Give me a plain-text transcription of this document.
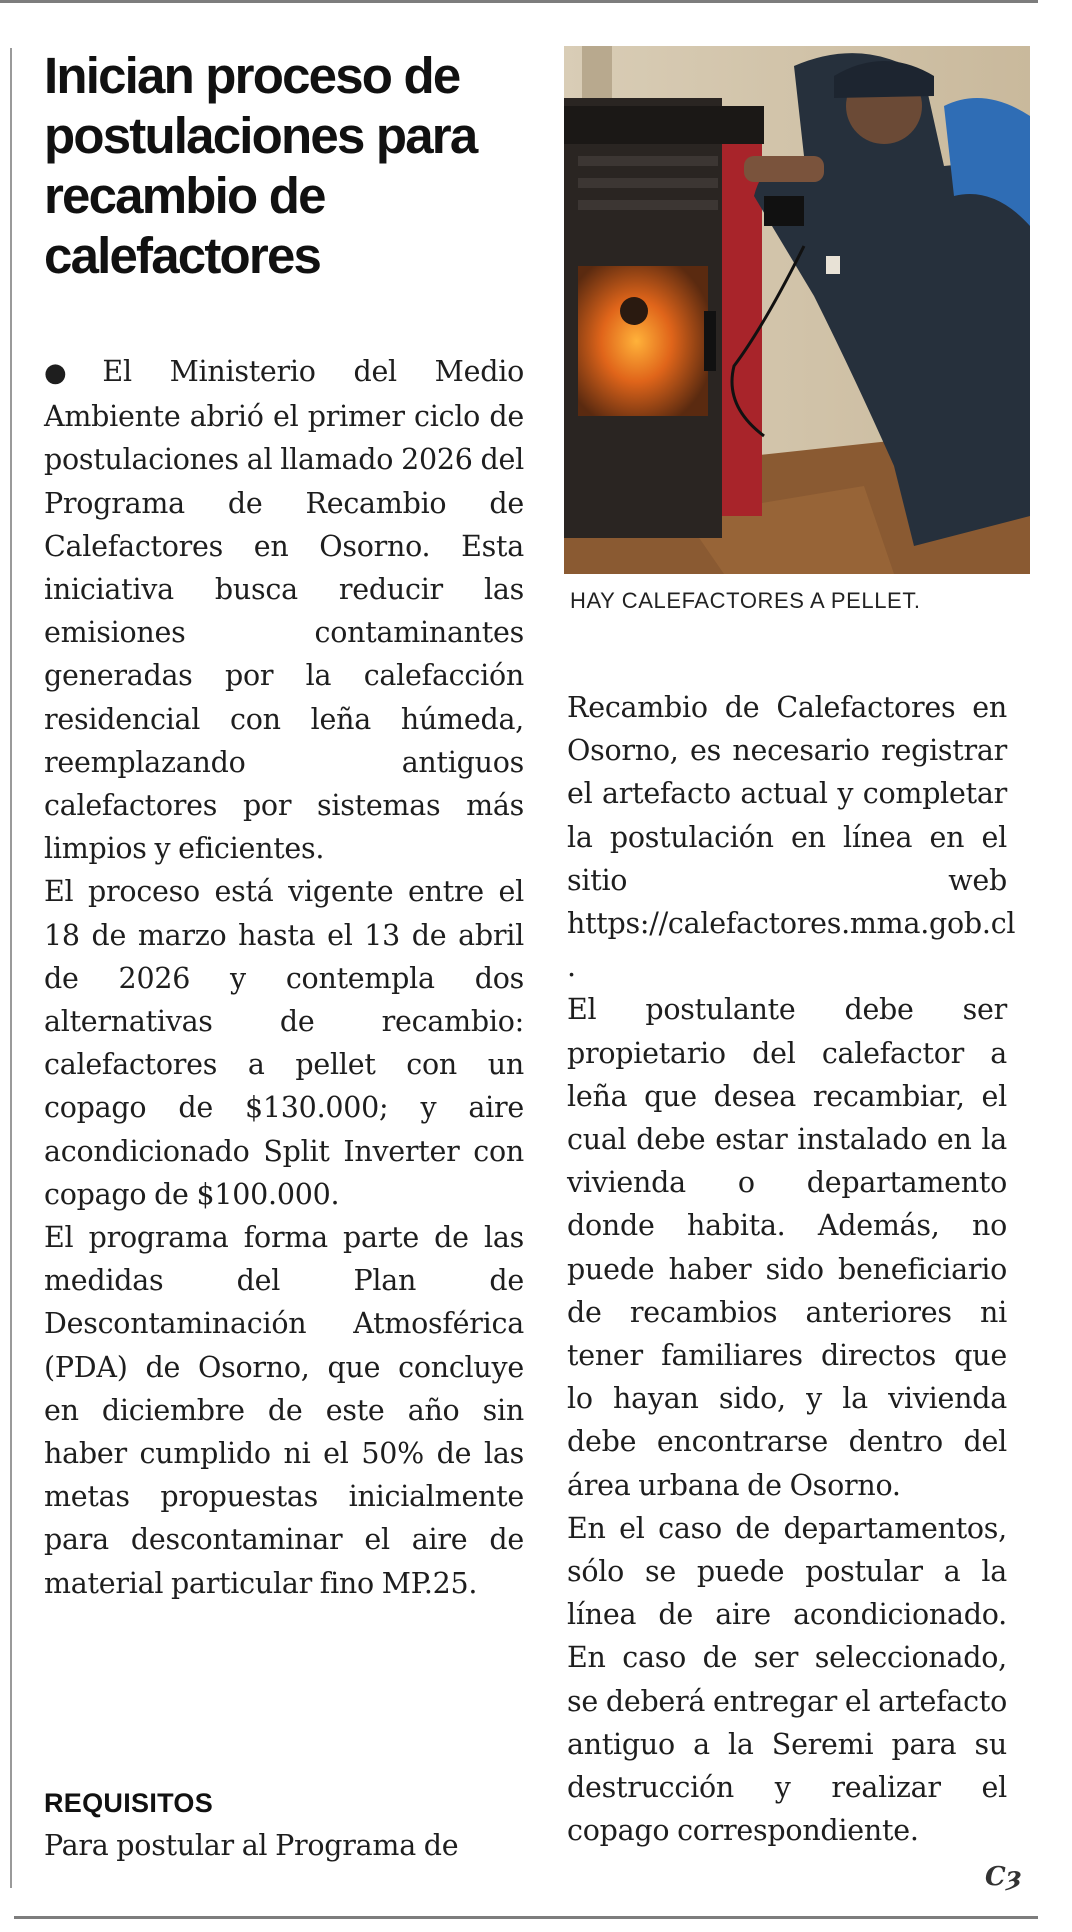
Inician proceso de postulaciones para recambio de calefactores

● El Ministerio del Medio Ambiente abrió el primer ciclo de postulaciones al llamado 2026 del Programa de Recambio de Calefactores en Osorno. Esta iniciativa busca reducir las emisiones contaminantes generadas por la calefacción residencial con leña húmeda, reemplazando antiguos calefactores por sistemas más limpios y eficientes.

El proceso está vigente entre el 18 de marzo hasta el 13 de abril de 2026 y contempla dos alternativas de recambio: calefactores a pellet con un copago de $130.000; y aire acondicionado Split Inverter con copago de $100.000.

El programa forma parte de las medidas del Plan de Descontaminación Atmosférica (PDA) de Osorno, que concluye en diciembre de este año sin haber cumplido ni el 50% de las metas propuestas inicialmente para descontaminar el aire de material particular fino MP.25.

REQUISITOS

Para postular al Programa de

HAY CALEFACTORES A PELLET.

Recambio de Calefactores en Osorno, es necesario registrar el artefacto actual y completar la postulación en línea en el sitio web https://calefactores.mma.gob.cl .

El postulante debe ser propietario del calefactor a leña que desea recambiar, el cual debe estar instalado en la vivienda o departamento donde habita. Además, no puede haber sido beneficiario de recambios anteriores ni tener familiares directos que lo hayan sido, y la vivienda debe encontrarse dentro del área urbana de Osorno.

En el caso de departamentos, sólo se puede postular a la línea de aire acondicionado. En caso de ser seleccionado, se deberá entregar el artefacto antiguo a la Seremi para su destrucción y realizar el copago correspondiente.

Cȝ
